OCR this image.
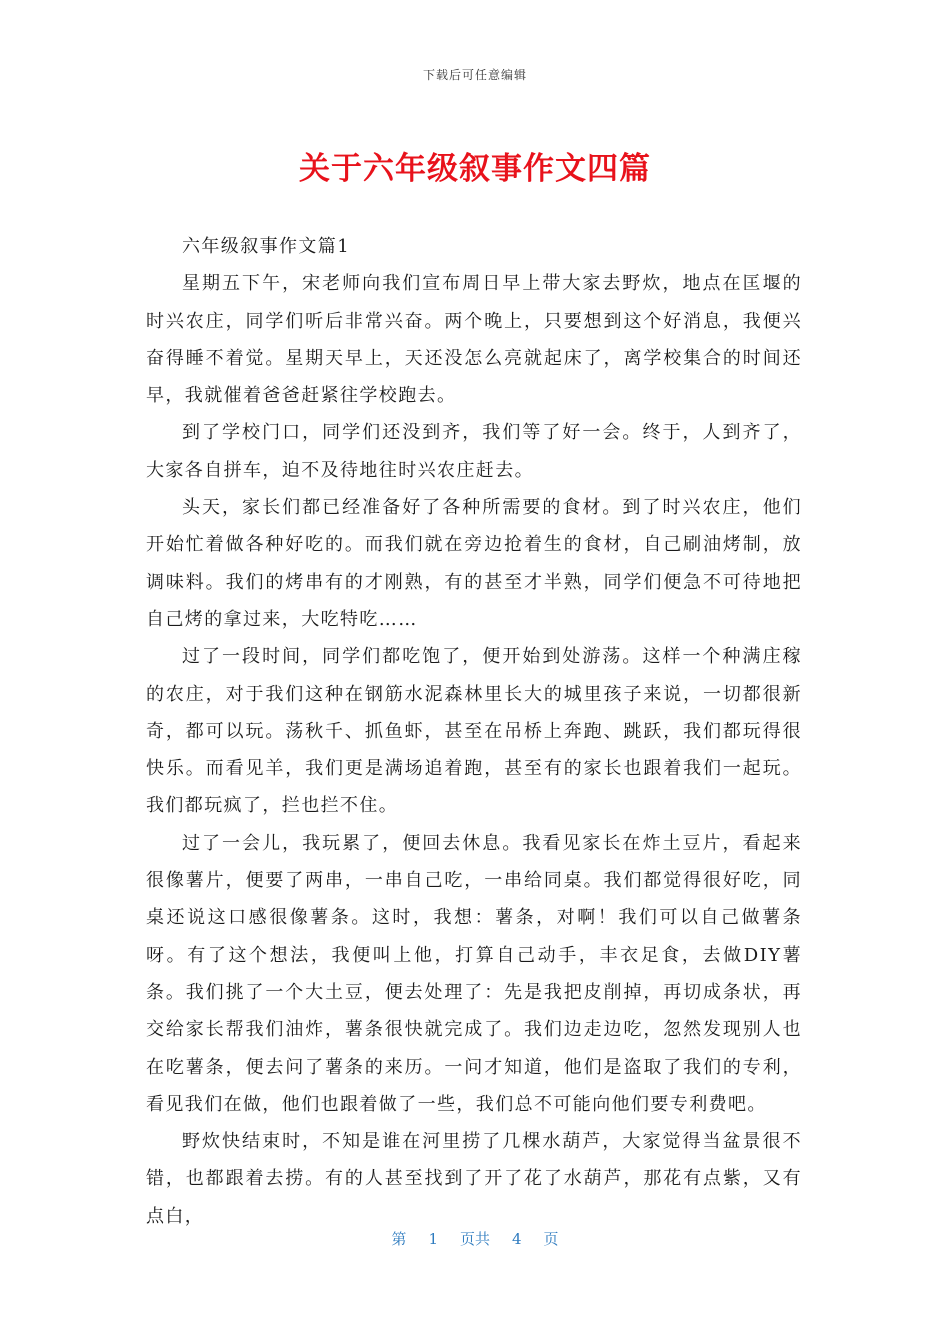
下载后可任意编辑
关于六年级叙事作文四篇

六年级叙事作文篇1

星期五下午，宋老师向我们宣布周日早上带大家去野炊，地点在匡堰的时兴农庄，同学们听后非常兴奋。两个晚上，只要想到这个好消息，我便兴奋得睡不着觉。星期天早上，天还没怎么亮就起床了，离学校集合的时间还早，我就催着爸爸赶紧往学校跑去。

到了学校门口，同学们还没到齐，我们等了好一会。终于，人到齐了，大家各自拼车，迫不及待地往时兴农庄赶去。

头天，家长们都已经准备好了各种所需要的食材。到了时兴农庄，他们开始忙着做各种好吃的。而我们就在旁边抢着生的食材，自己刷油烤制，放调味料。我们的烤串有的才刚熟，有的甚至才半熟，同学们便急不可待地把自己烤的拿过来，大吃特吃……

过了一段时间，同学们都吃饱了，便开始到处游荡。这样一个种满庄稼的农庄，对于我们这种在钢筋水泥森林里长大的城里孩子来说，一切都很新奇，都可以玩。荡秋千、抓鱼虾，甚至在吊桥上奔跑、跳跃，我们都玩得很快乐。而看见羊，我们更是满场追着跑，甚至有的家长也跟着我们一起玩。我们都玩疯了，拦也拦不住。

过了一会儿，我玩累了，便回去休息。我看见家长在炸土豆片，看起来很像薯片，便要了两串，一串自己吃，一串给同桌。我们都觉得很好吃，同桌还说这口感很像薯条。这时，我想：薯条，对啊！我们可以自己做薯条呀。有了这个想法，我便叫上他，打算自己动手，丰衣足食，去做DIY薯条。我们挑了一个大土豆，便去处理了：先是我把皮削掉，再切成条状，再交给家长帮我们油炸，薯条很快就完成了。我们边走边吃，忽然发现别人也在吃薯条，便去问了薯条的来历。一问才知道，他们是盗取了我们的专利，看见我们在做，他们也跟着做了一些，我们总不可能向他们要专利费吧。

野炊快结束时，不知是谁在河里捞了几棵水葫芦，大家觉得当盆景很不错，也都跟着去捞。有的人甚至找到了开了花了水葫芦，那花有点紫，又有点白，

第 1 页共 4 页
